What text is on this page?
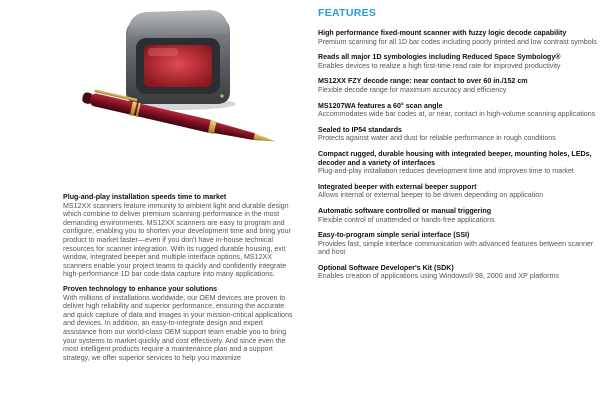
Plug-and-play installation speeds time to market

MS12XX scanners feature immunity to ambient light and durable design which combine to deliver premium scanning performance in the most demanding environments. MS12XX scanners are easy to program and configure, enabling you to shorten your development time and bring your product to market faster—even if you don't have in-house technical resources for scanner integration. With its rugged durable housing, exit window, integrated beeper and multiple interface options, MS12XX scanners enable your project teams to quickly and confidently integrate high-performance 1D bar code data capture into many applications.

Proven technology to enhance your solutions

With millions of installations worldwide, our OEM devices are proven to deliver high reliability and superior performance, ensuring the accurate and quick capture of data and images in your mission-critical applications and devices. In addition, an easy-to-integrate design and expert assistance from our world-class OEM support team enable you to bring your systems to market quickly and cost effectively. And since even the most intelligent products require a maintenance plan and a support strategy, we offer superior services to help you maximize

FEATURES
High performance fixed-mount scanner with fuzzy logic decode capability

Premium scanning for all 1D bar codes including poorly printed and low contrast symbols

Reads all major 1D symbologies including Reduced Space Symbology®

Enables devices to realize a high first-time read rate for improved productivity

MS12XX FZY decode range: near contact to over 60 in./152 cm

Flexible decode range for maximum accuracy and efficiency

MS1207WA features a 60° scan angle

Accommodates wide bar codes at, or near, contact in high-volume scanning applications

Sealed to IP54 standards

Protects against water and dust for reliable performance in rough conditions

Compact rugged, durable housing with integrated beeper, mounting holes, LEDs, decoder and a variety of interfaces

Plug-and-play installation reduces development time and improves time to market

Integrated beeper with external beeper support

Allows internal or external beeper to be driven depending on application

Automatic software controlled or manual triggering

Flexible control of unattended or hands-free applications

Easy-to-program simple serial interface (SSI)

Provides fast, simple interface communication with advanced features between scanner and host

Optional Software Developer's Kit (SDK)

Enables creation of applications using Windows® 98, 2000 and XP platforms
